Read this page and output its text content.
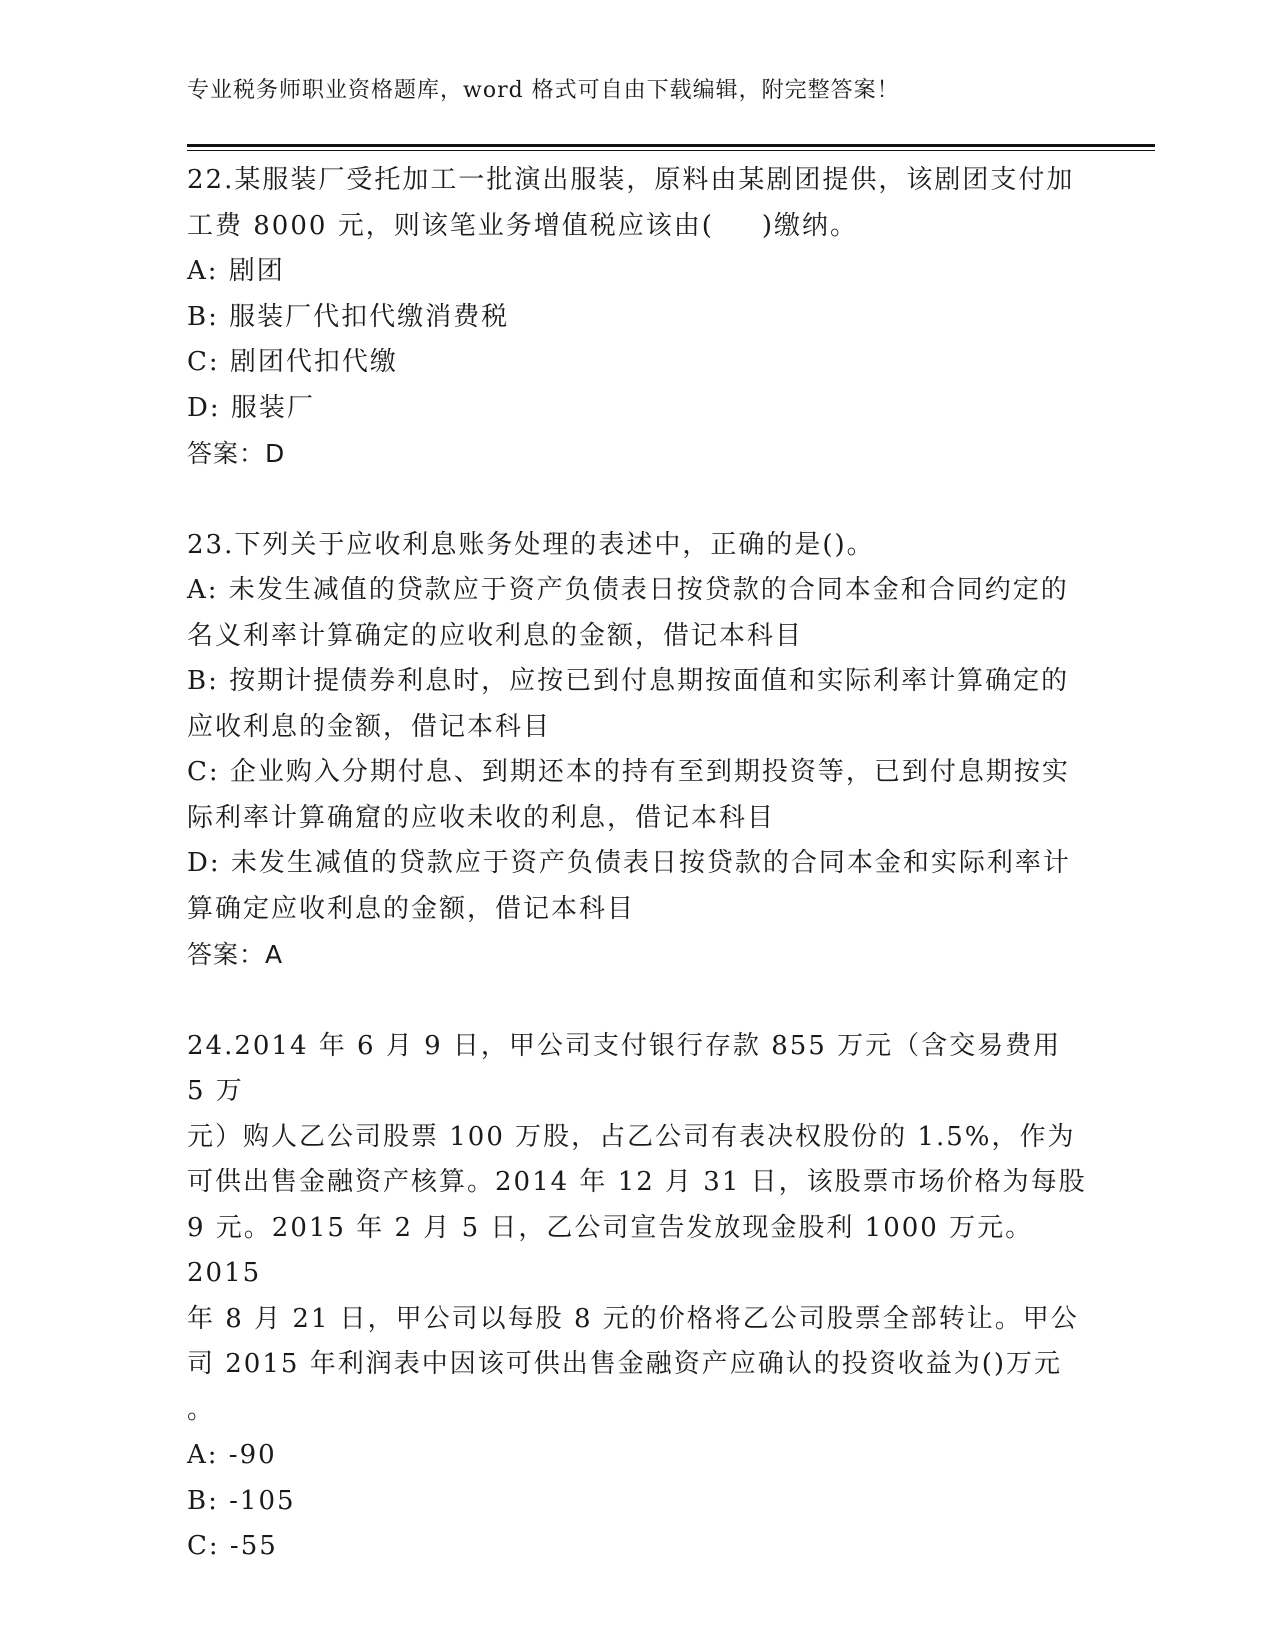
专业税务师职业资格题库，word 格式可自由下载编辑，附完整答案！

22.某服装厂受托加工一批演出服装，原料由某剧团提供，该剧团支付加工费 8000 元，则该笔业务增值税应该由( )缴纳。

A: 剧团

B: 服装厂代扣代缴消费税

C: 剧团代扣代缴

D: 服装厂

答案：D

23.下列关于应收利息账务处理的表述中，正确的是()。

A: 未发生减值的贷款应于资产负债表日按贷款的合同本金和合同约定的名义利率计算确定的应收利息的金额，借记本科目

B: 按期计提债券利息时，应按已到付息期按面值和实际利率计算确定的应收利息的金额，借记本科目

C: 企业购入分期付息、到期还本的持有至到期投资等，已到付息期按实际利率计算确窟的应收未收的利息，借记本科目

D: 未发生减值的贷款应于资产负债表日按贷款的合同本金和实际利率计算确定应收利息的金额，借记本科目

答案：A

24.2014 年 6 月 9 日，甲公司支付银行存款 855 万元（含交易费用 5 万
元）购人乙公司股票 100 万股，占乙公司有表决权股份的 1.5%，作为
可供出售金融资产核算。2014 年 12 月 31 日，该股票市场价格为每股
9 元。2015 年 2 月 5 日，乙公司宣告发放现金股利 1000 万元。2015
年 8 月 21 日，甲公司以每股 8 元的价格将乙公司股票全部转让。甲公
司 2015 年利润表中因该可供出售金融资产应确认的投资收益为()万元
。

A: -90

B: -105

C: -55
